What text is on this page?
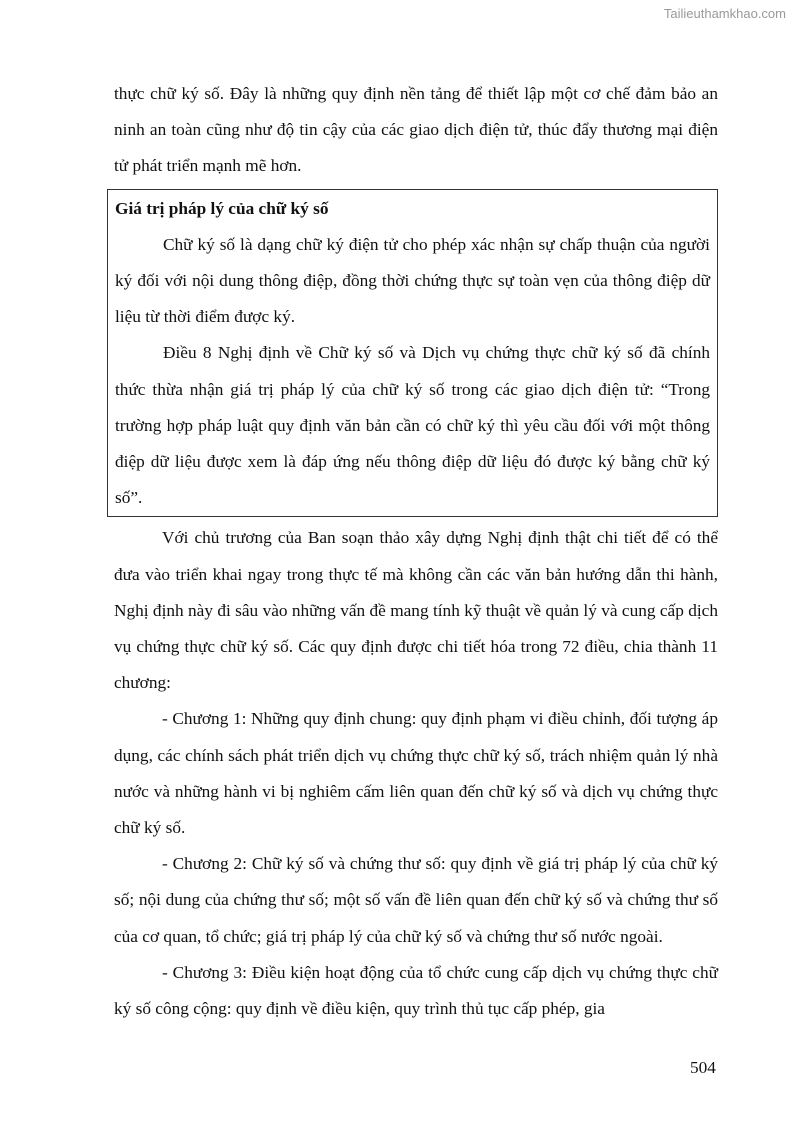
Tailieuthamkhao.com

thực chữ ký số. Đây là những quy định nền tảng để thiết lập một cơ chế đảm bảo an ninh an toàn cũng như độ tin cậy của các giao dịch điện tử, thúc đẩy thương mại điện tử phát triển mạnh mẽ hơn.

Giá trị pháp lý của chữ ký số

Chữ ký số là dạng chữ ký điện tử cho phép xác nhận sự chấp thuận của người ký đối với nội dung thông điệp, đồng thời chứng thực sự toàn vẹn của thông điệp dữ liệu từ thời điểm được ký.

Điều 8 Nghị định về Chữ ký số và Dịch vụ chứng thực chữ ký số đã chính thức thừa nhận giá trị pháp lý của chữ ký số trong các giao dịch điện tử: “Trong trường hợp pháp luật quy định văn bản cần có chữ ký thì yêu cầu đối với một thông điệp dữ liệu được xem là đáp ứng nếu thông điệp dữ liệu đó được ký bằng chữ ký số”.

Với chủ trương của Ban soạn thảo xây dựng Nghị định thật chi tiết để có thể đưa vào triển khai ngay trong thực tế mà không cần các văn bản hướng dẫn thi hành, Nghị định này đi sâu vào những vấn đề mang tính kỹ thuật về quản lý và cung cấp dịch vụ chứng thực chữ ký số. Các quy định được chi tiết hóa trong 72 điều, chia thành 11 chương:

- Chương 1: Những quy định chung: quy định phạm vi điều chỉnh, đối tượng áp dụng, các chính sách phát triển dịch vụ chứng thực chữ ký số, trách nhiệm quản lý nhà nước và những hành vi bị nghiêm cấm liên quan đến chữ ký số và dịch vụ chứng thực chữ ký số.

- Chương 2: Chữ ký số và chứng thư số: quy định về giá trị pháp lý của chữ ký số; nội dung của chứng thư số; một số vấn đề liên quan đến chữ ký số và chứng thư số của cơ quan, tổ chức; giá trị pháp lý của chữ ký số và chứng thư số nước ngoài.

- Chương 3: Điều kiện hoạt động của tổ chức cung cấp dịch vụ chứng thực chữ ký số công cộng: quy định về điều kiện, quy trình thủ tục cấp phép, gia

504
